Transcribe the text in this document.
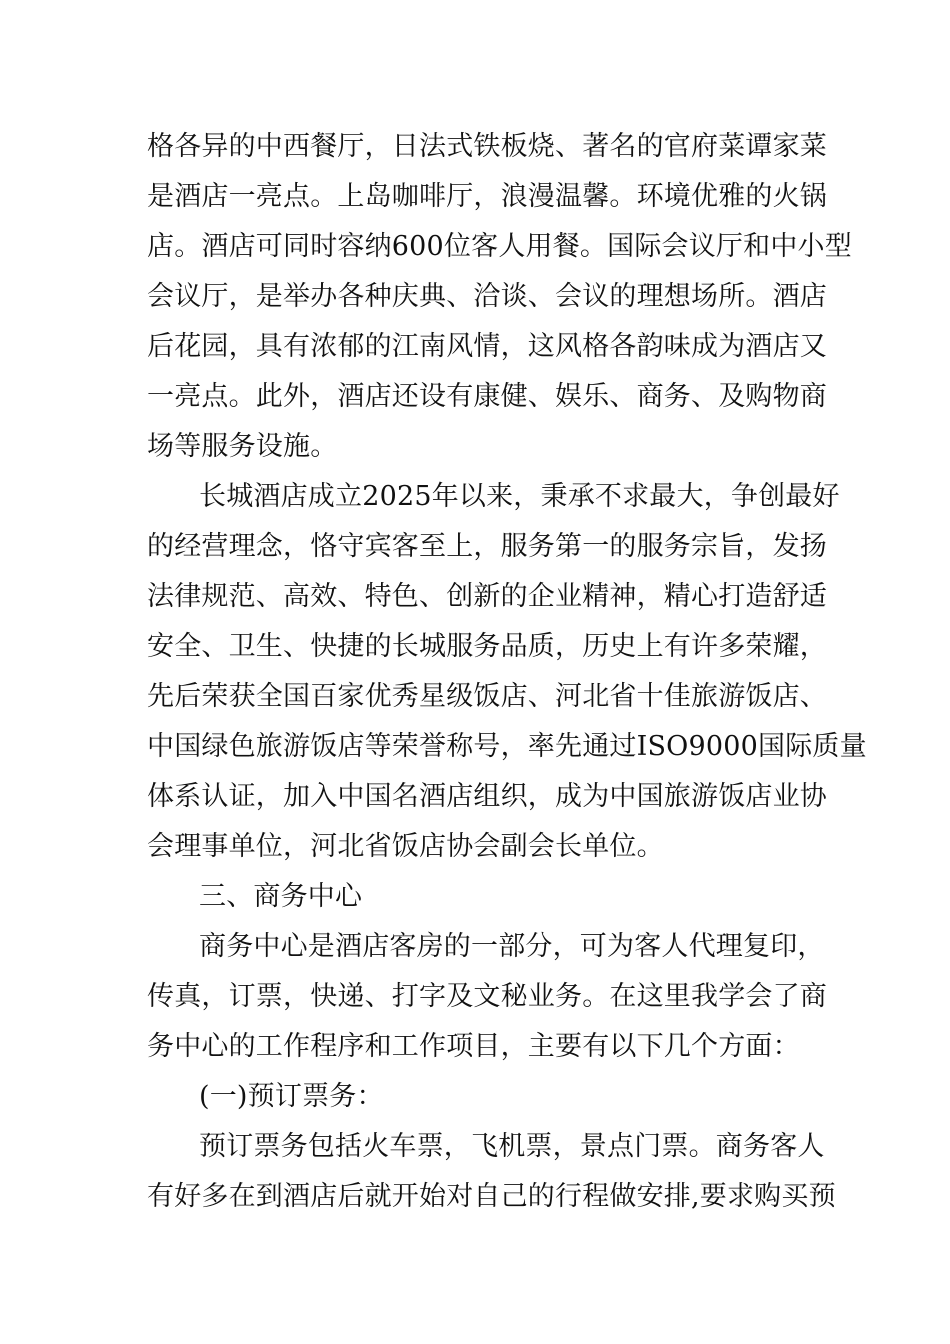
格各异的中西餐厅，日法式铁板烧、著名的官府菜谭家菜
是酒店一亮点。上岛咖啡厅，浪漫温馨。环境优雅的火锅
店。酒店可同时容纳600位客人用餐。国际会议厅和中小型
会议厅，是举办各种庆典、洽谈、会议的理想场所。酒店
后花园，具有浓郁的江南风情，这风格各韵味成为酒店又
一亮点。此外，酒店还设有康健、娱乐、商务、及购物商
场等服务设施。
长城酒店成立2025年以来，秉承不求最大，争创最好
的经营理念，恪守宾客至上，服务第一的服务宗旨，发扬
法律规范、高效、特色、创新的企业精神，精心打造舒适
安全、卫生、快捷的长城服务品质，历史上有许多荣耀，
先后荣获全国百家优秀星级饭店、河北省十佳旅游饭店、
中国绿色旅游饭店等荣誉称号，率先通过ISO9000国际质量
体系认证，加入中国名酒店组织，成为中国旅游饭店业协
会理事单位，河北省饭店协会副会长单位。
三、商务中心
商务中心是酒店客房的一部分，可为客人代理复印，
传真，订票，快递、打字及文秘业务。在这里我学会了商
务中心的工作程序和工作项目，主要有以下几个方面：
(一)预订票务：
预订票务包括火车票，飞机票，景点门票。商务客人
有好多在到酒店后就开始对自己的行程做安排,要求购买预
